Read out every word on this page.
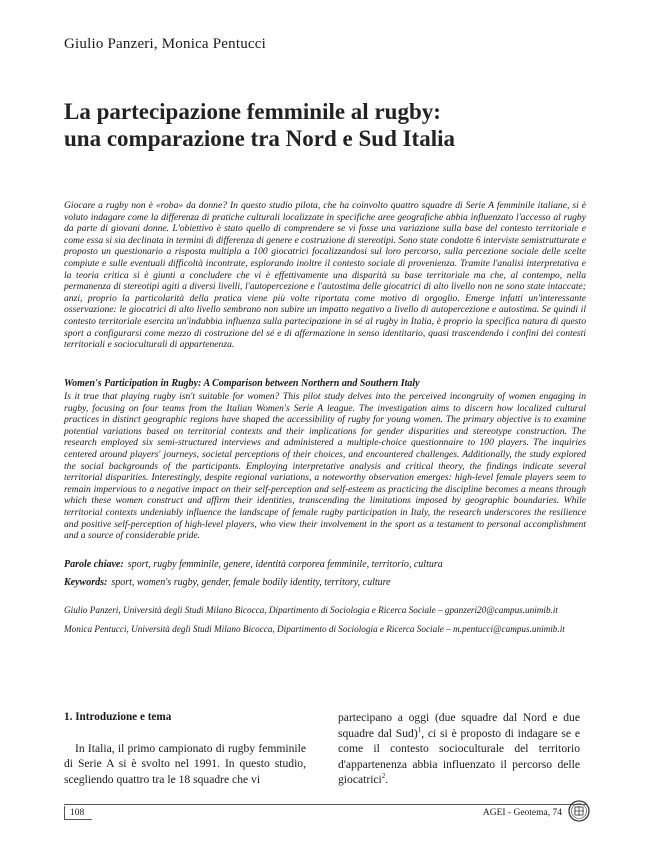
Giulio Panzeri, Monica Pentucci
La partecipazione femminile al rugby:
una comparazione tra Nord e Sud Italia

Giocare a rugby non è «roba» da donne? In questo studio pilota, che ha coinvolto quattro squadre di Serie A femminile italiane, si è voluto indagare come la differenza di pratiche culturali localizzate in specifiche aree geografiche abbia influenzato l'accesso al rugby da parte di giovani donne. L'obiettivo è stato quello di comprendere se vi fosse una variazione sulla base del contesto territoriale e come essa si sia declinata in termini di differenza di genere e costruzione di stereotipi. Sono state condotte 6 interviste semistrutturate e proposto un questionario a risposta multipla a 100 giocatrici focalizzandosi sul loro percorso, sulla percezione sociale delle scelte compiute e sulle eventuali difficoltà incontrate, esplorando inoltre il contesto sociale di provenienza. Tramite l'analisi interpretativa e la teoria critica si è giunti a concludere che vi è effettivamente una disparità su base territoriale ma che, al contempo, nella permanenza di stereotipi agiti a diversi livelli, l'autopercezione e l'autostima delle giocatrici di alto livello non ne sono state intaccate; anzi, proprio la particolarità della pratica viene più volte riportata come motivo di orgoglio. Emerge infatti un'interessante osservazione: le giocatrici di alto livello sembrano non subire un impatto negativo a livello di autopercezione e autostima. Se quindi il contesto territoriale esercita un'indubbia influenza sulla partecipazione in sé al rugby in Italia, è proprio la specifica natura di questo sport a configurarsi come mezzo di costruzione del sé e di affermazione in senso identitario, quasi trascendendo i confini dei contesti territoriali e socioculturali di appartenenza.

Women's Participation in Rugby: A Comparison between Northern and Southern Italy

Is it true that playing rugby isn't suitable for women? This pilot study delves into the perceived incongruity of women engaging in rugby, focusing on four teams from the Italian Women's Serie A league. The investigation aims to discern how localized cultural practices in distinct geographic regions have shaped the accessibility of rugby for young women. The primary objective is to examine potential variations based on territorial contexts and their implications for gender disparities and stereotype construction. The research employed six semi-structured interviews and administered a multiple-choice questionnaire to 100 players. The inquiries centered around players' journeys, societal perceptions of their choices, and encountered challenges. Additionally, the study explored the social backgrounds of the participants. Employing interpretative analysis and critical theory, the findings indicate several territorial disparities. Interestingly, despite regional variations, a noteworthy observation emerges: high-level female players seem to remain impervious to a negative impact on their self-perception and self-esteem as practicing the discipline becomes a means through which these women construct and affirm their identities, transcending the limitations imposed by geographic boundaries. While territorial contexts undeniably influence the landscape of female rugby participation in Italy, the research underscores the resilience and positive self-perception of high-level players, who view their involvement in the sport as a testament to personal accomplishment and a source of considerable pride.

Parole chiave: sport, rugby femminile, genere, identità corporea femminile, territorio, cultura
Keywords: sport, women's rugby, gender, female bodily identity, territory, culture
Giulio Panzeri, Università degli Studi Milano Bicocca, Dipartimento di Sociologia e Ricerca Sociale – gpanzeri20@campus.unimib.it
Monica Pentucci, Università degli Studi Milano Bicocca, Dipartimento di Sociologia e Ricerca Sociale – m.pentucci@campus.unimib.it
1. Introduzione e tema

In Italia, il primo campionato di rugby femminile di Serie A si è svolto nel 1991. In questo studio, scegliendo quattro tra le 18 squadre che vi

partecipano a oggi (due squadre dal Nord e due squadre dal Sud)$^1$, ci si è proposto di indagare se e come il contesto socioculturale del territorio d'appartenenza abbia influenzato il percorso delle giocatrici$^2$.

108	AGEI - Geotema, 74
